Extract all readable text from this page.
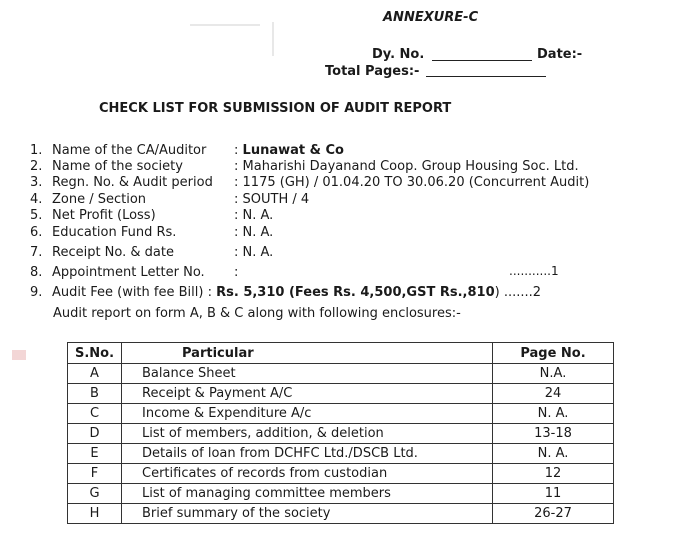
ANNEXURE-C
Dy. No.	Date:-
Total Pages:-
CHECK LIST FOR SUBMISSION OF AUDIT REPORT
1. Name of the CA/Auditor : Lunawat & Co
2. Name of the society	: Maharishi Dayanand Coop. Group Housing Soc. Ltd.
3. Regn. No. & Audit period : 1175 (GH) / 01.04.20 TO 30.06.20 (Concurrent Audit)
4. Zone / Section	: SOUTH / 4
5. Net Profit (Loss)	: N. A.
6. Education Fund Rs.	: N. A.
7. Receipt No. & date	: N. A.
8. Appointment Letter No. :	...........1
9. Audit Fee (with fee Bill) : Rs. 5,310 (Fees Rs. 4,500,GST Rs.,810) .......2
Audit report on form A, B & C along with following enclosures:-
S.No.	Particular	Page No.
A	Balance Sheet	N.A.
B	Receipt & Payment A/C	24
C	Income & Expenditure A/c	N. A.
D	List of members, addition, & deletion	13-18
E	Details of loan from DCHFC Ltd./DSCB Ltd.	N. A.
F	Certificates of records from custodian	12
G	List of managing committee members	11
H	Brief summary of the society	26-27
